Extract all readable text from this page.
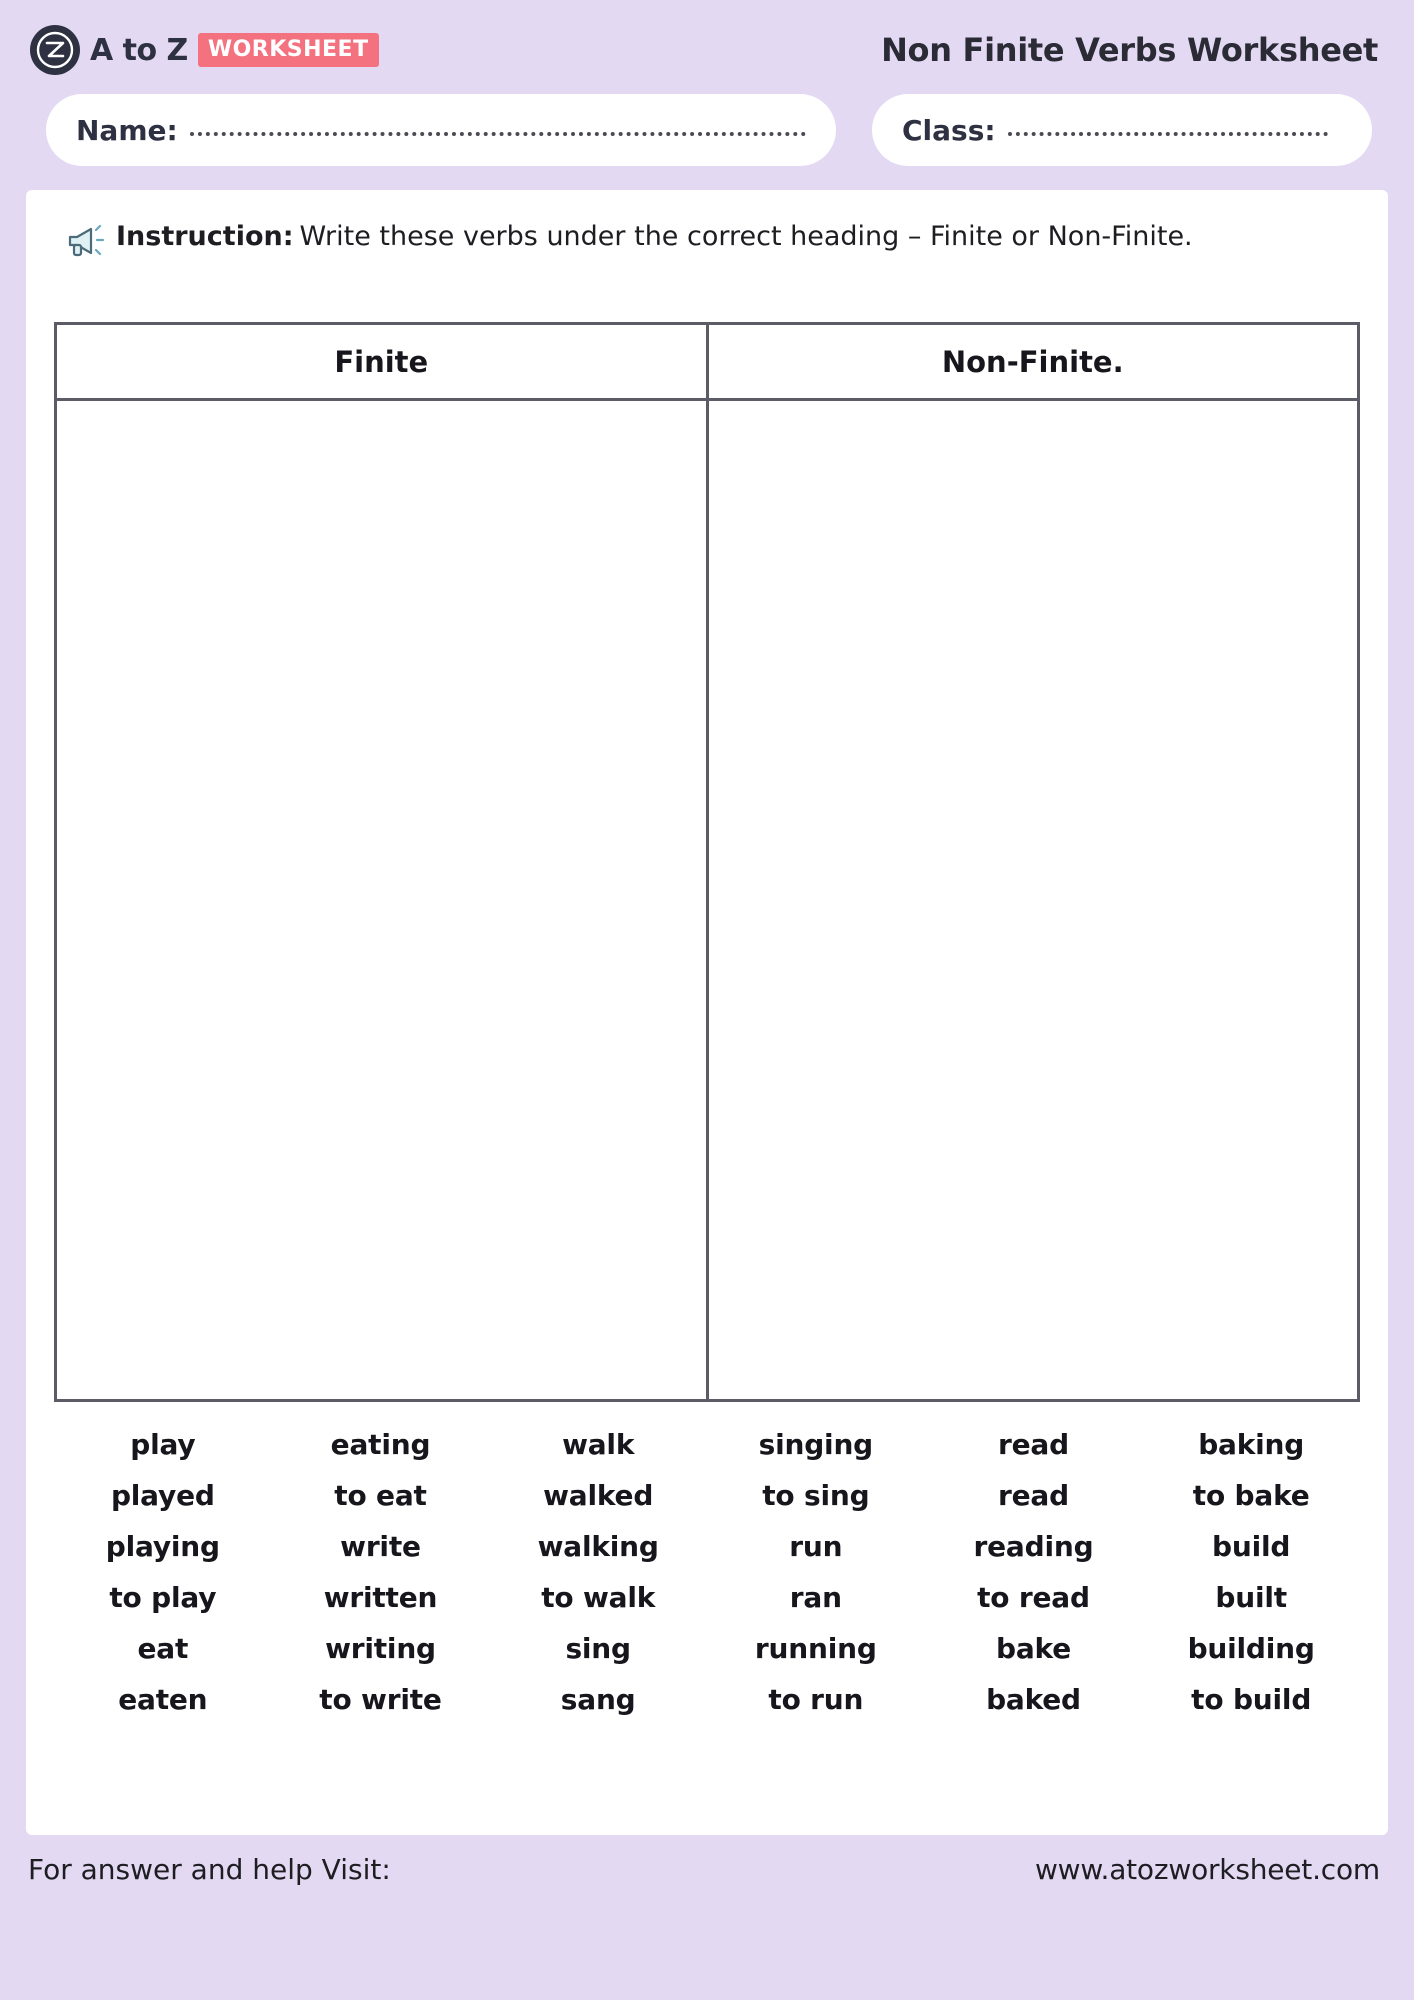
A to Z WORKSHEET	Non Finite Verbs Worksheet
Name:	Class:
Instruction: Write these verbs under the correct heading – Finite or Non-Finite.
Finite	Non-Finite.
play	eating	walk	singing	read	baking
played	to eat	walked	to sing	read	to bake
playing	write	walking	run	reading	build
to play	written	to walk	ran	to read	built
eat	writing	sing	running	bake	building
eaten	to write	sang	to run	baked	to build
For answer and help Visit:	www.atozworksheet.com
